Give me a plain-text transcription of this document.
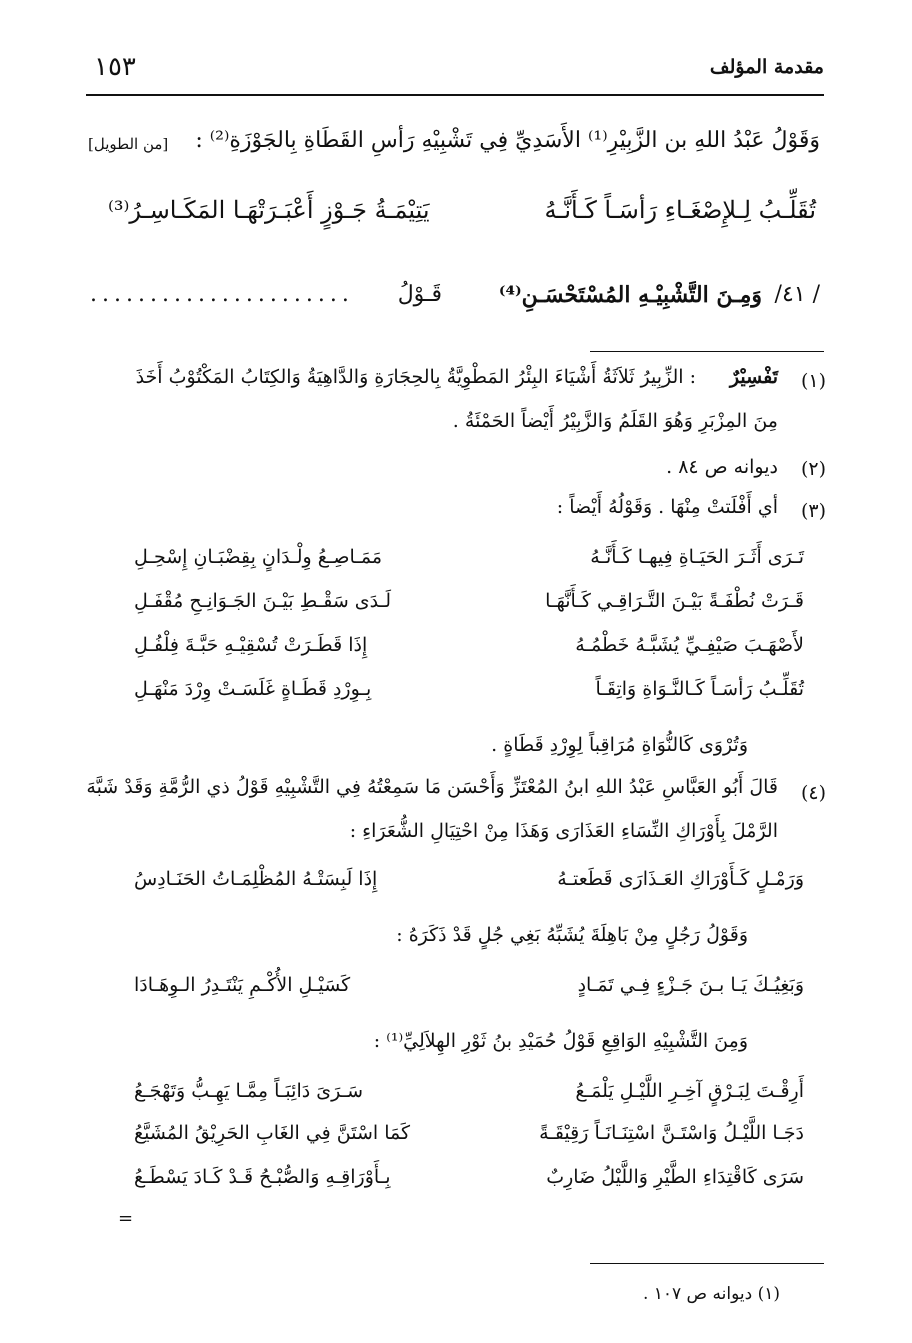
مقدمة المؤلف
١٥٣
وَقَوْلُ عَبْدُ اللهِ بن الزَّبِيْرِ⁽¹⁾ الأَسَدِيِّ فِي تَشْبِيْهِ رَأسِ القَطَاةِ بِالجَوْزَةِ⁽²⁾ :
[من الطويل]
تُقَلِّـبُ لِـلإِصْغَـاءِ رَأسَـاً كَـأَنَّـهُ
يَتِيْمَـةُ جَـوْزٍ أَعْبَـرَتْهَـا المَكَـاسِـرُ⁽³⁾
/ ٤١/
وَمِـنَ التَّشْبِيْـهِ المُسْتَحْسَـنِ⁽⁴⁾
قَـوْلُ
......................
(١)
تَفْسِيْرٌ
: الزِّبِيرُ ثَلاَثَةُ أَشْيَاءَ البِئْرُ المَطْوِيَّةُ بِالحِجَارَةِ وَالدَّاهِيَةُ وَالكِتَابُ المَكْتُوْبُ أَخَذَ
مِنَ المِزْبَرِ وَهُوَ القَلَمُ وَالزَّبِيْرُ أَيْضاً الحَمْئَةُ .
(٢)
ديوانه ص ٨٤ .
(٣)
أي أَفْلَتتْ مِنْهَا . وَقَوْلُهُ أَيْضاً :
تَـرَى أَثَـرَ الحَيَـاةِ فِيهـا كَـأَنَّـهُ
مَمَـاصِـعُ وِلْـدَانٍ بِقِضْبَـانِ إِسْحِـلِ
قَـرَتْ نُطْفَـةً بَيْـنَ التَّـرَاقِـي كَـأَنَّهَـا
لَـدَى سَقْـطِ بَيْـنَ الجَـوَانِـحِ مُقْفَـلِ
لأَصْهَـبَ صَيْفِـيِّ يُشَبَّـهُ خَطْمُـهُ
إِذَا قَطَـرَتْ تُسْقِيْـهِ حَبَّـةَ فِلْفُـلِ
تُقَلِّـبُ رَأسَـاً كَـالنَّـوَاةِ وَاتِقَـاً
بِـوِرْدِ قَطَـاةٍ غَلَسَـتْ وِرْدَ مَنْهَـلِ
وَتُرْوَى كَالنُّوَاةِ مُرَاقِباً لِوِرْدِ قَطَاةٍ .
(٤)
قَالَ أَبُو العَبَّاسِ عَبْدُ اللهِ ابنُ المُعْتَزِّ وَأَحْسَن مَا سَمِعْتُهُ فِي التَّشْبِيْهِ قَوْلُ ذي الرُّمَّةِ وَقَدْ شَبَّهَ
الرَّمْلَ بِأَوْرَاكِ النِّسَاءِ العَذَارَى وَهَذَا مِنْ احْتِيَالِ الشُّعَرَاءِ :
وَرَمْـلٍ كَـأَوْرَاكِ العَـذَارَى قَطَعتـهُ
إِذَا لَبِسَتْـهُ المُظْلِمَـاتُ الحَنَـادِسُ
وَقَوْلُ رَجُلٍ مِنْ بَاهِلَةَ يُشَبِّهُ بَغِي جُلٍ قَدْ ذَكَرَهُ :
وَبَغِيُـكَ يَـا بـنَ جَـزْءٍ فِـي تَمَـادٍ
كَسَيْـلِ الأُكْـمِ يَنْتَـدِرُ الـوِهَـادَا
وَمِنَ التَّشْبِيْهِ الوَاقِعِ قَوْلُ حُمَيْدِ بنُ ثَوْرِ الهِلاَلِيِّ⁽¹⁾ :
أَرِقْـتَ لِبَـرْقٍ آخِـرِ اللَّيْـلِ يَلْمَـعُ
سَـرَىَ دَائِبَـاً مِمَّـا يَهِـبُّ وَتَهْجَـعُ
دَجَـا اللَّيْـلُ وَاسْتَـنَّ اسْتِنَـانَـاً رَقِيْقَـةً
كَمَا اسْتَنَّ فِي الغَابِ الحَرِيْقُ المُشَيَّعُ
سَرَى كَاقْتِدَاءِ الطَّيْرِ وَاللَّيْلُ ضَارِبٌ
بِـأَوْرَاقِـهِ وَالصُّبْـحُ قَـدْ كَـادَ يَسْطَـعُ
=
(١) ديوانه ص ١٠٧ .
